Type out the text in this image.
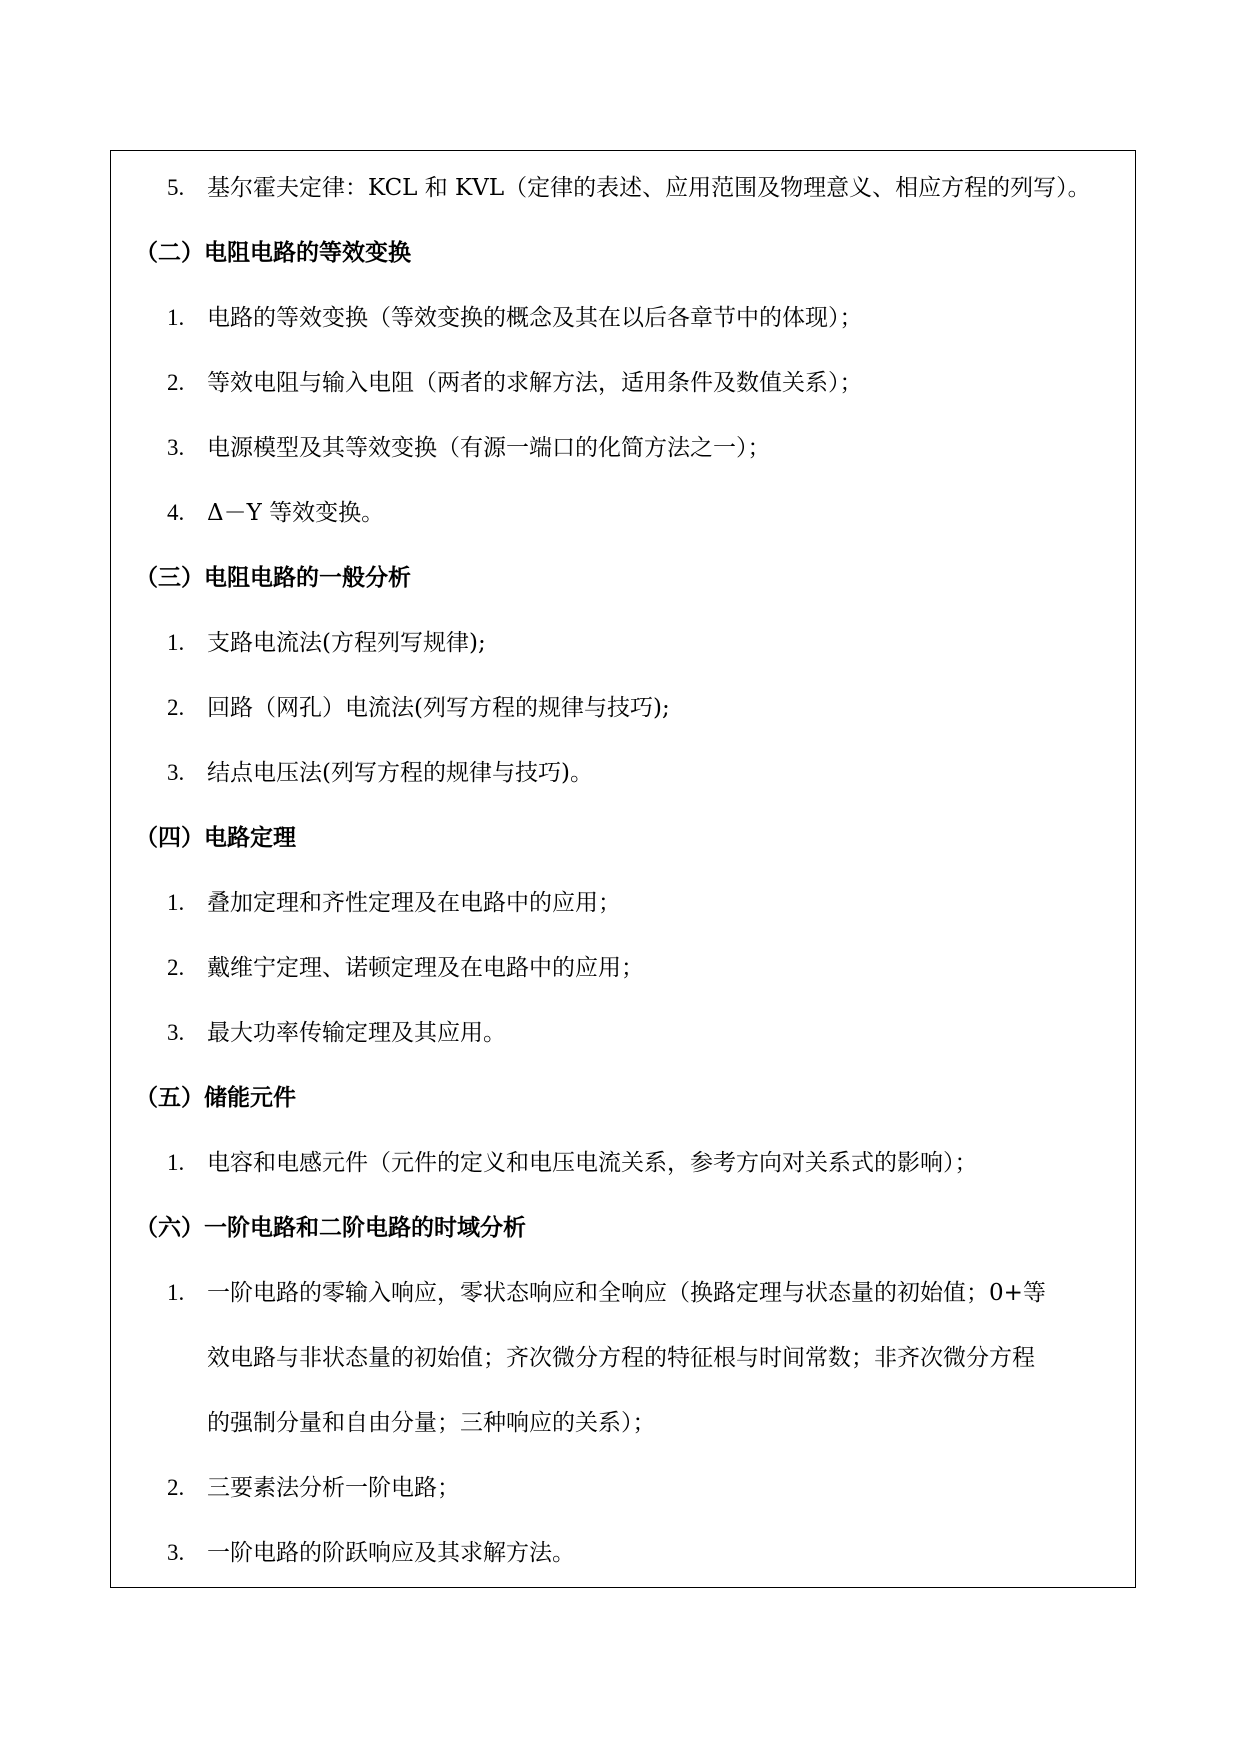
5. 基尔霍夫定律：KCL 和 KVL（定律的表述、应用范围及物理意义、相应方程的列写）。
（二）电阻电路的等效变换
1. 电路的等效变换（等效变换的概念及其在以后各章节中的体现）；
2. 等效电阻与输入电阻（两者的求解方法，适用条件及数值关系）；
3. 电源模型及其等效变换（有源一端口的化简方法之一）；
4. Δ－Y 等效变换。
（三）电阻电路的一般分析
1. 支路电流法(方程列写规律);
2. 回路（网孔）电流法(列写方程的规律与技巧);
3. 结点电压法(列写方程的规律与技巧)。
（四）电路定理
1. 叠加定理和齐性定理及在电路中的应用；
2. 戴维宁定理、诺顿定理及在电路中的应用；
3. 最大功率传输定理及其应用。
（五）储能元件
1. 电容和电感元件（元件的定义和电压电流关系，参考方向对关系式的影响）；
（六）一阶电路和二阶电路的时域分析
1. 一阶电路的零输入响应，零状态响应和全响应（换路定理与状态量的初始值；0+等
效电路与非状态量的初始值；齐次微分方程的特征根与时间常数；非齐次微分方程
的强制分量和自由分量；三种响应的关系）；
2. 三要素法分析一阶电路；
3. 一阶电路的阶跃响应及其求解方法。
